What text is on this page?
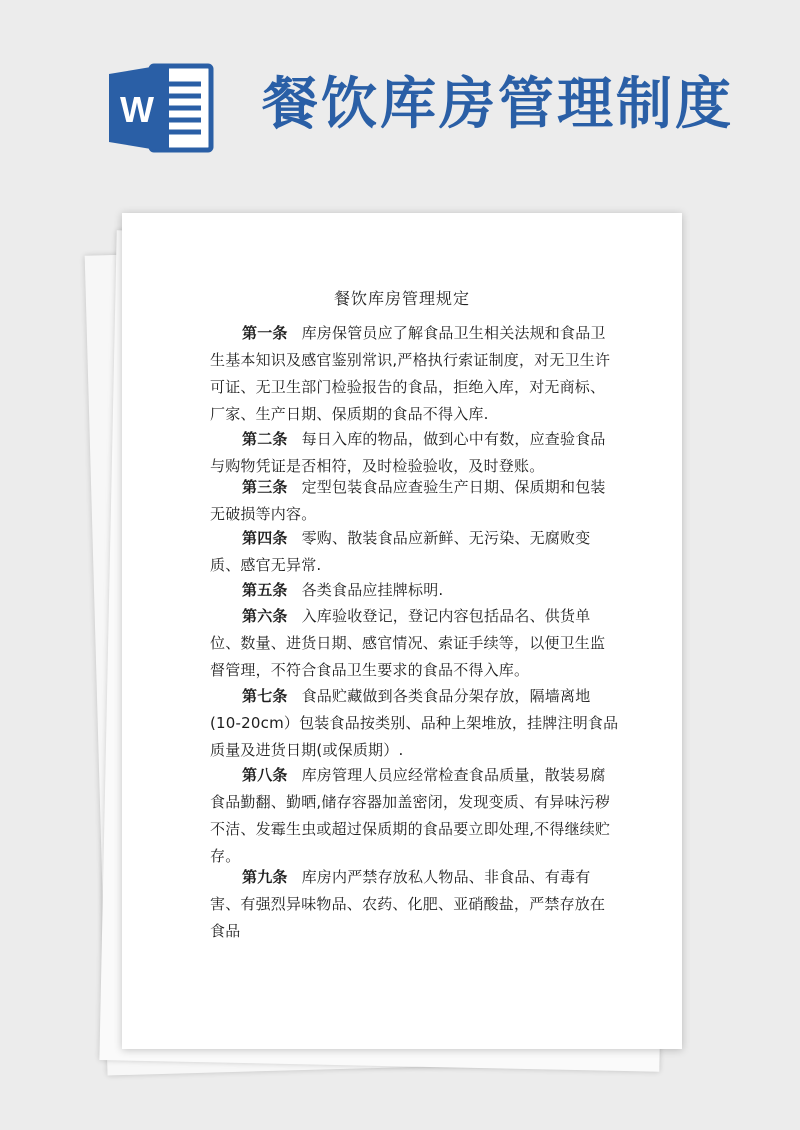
W 餐饮库房管理制度
餐饮库房管理规定
第一条 库房保管员应了解食品卫生相关法规和食品卫生基本知识及感官鉴别常识,严格执行索证制度，对无卫生许可证、无卫生部门检验报告的食品，拒绝入库，对无商标、厂家、生产日期、保质期的食品不得入库.
第二条 每日入库的物品，做到心中有数，应查验食品与购物凭证是否相符，及时检验验收，及时登账。
第三条 定型包装食品应查验生产日期、保质期和包装无破损等内容。
第四条 零购、散装食品应新鲜、无污染、无腐败变质、感官无异常.
第五条 各类食品应挂牌标明.
第六条 入库验收登记，登记内容包括品名、供货单位、数量、进货日期、感官情况、索证手续等，以便卫生监督管理，不符合食品卫生要求的食品不得入库。
第七条 食品贮藏做到各类食品分架存放，隔墙离地(10-20cm）包装食品按类别、品种上架堆放，挂牌注明食品质量及进货日期(或保质期）.
第八条 库房管理人员应经常检查食品质量，散装易腐食品勤翻、勤晒,储存容器加盖密闭，发现变质、有异味污秽不洁、发霉生虫或超过保质期的食品要立即处理,不得继续贮存。
第九条 库房内严禁存放私人物品、非食品、有毒有害、有强烈异味物品、农药、化肥、亚硝酸盐，严禁存放在食品
